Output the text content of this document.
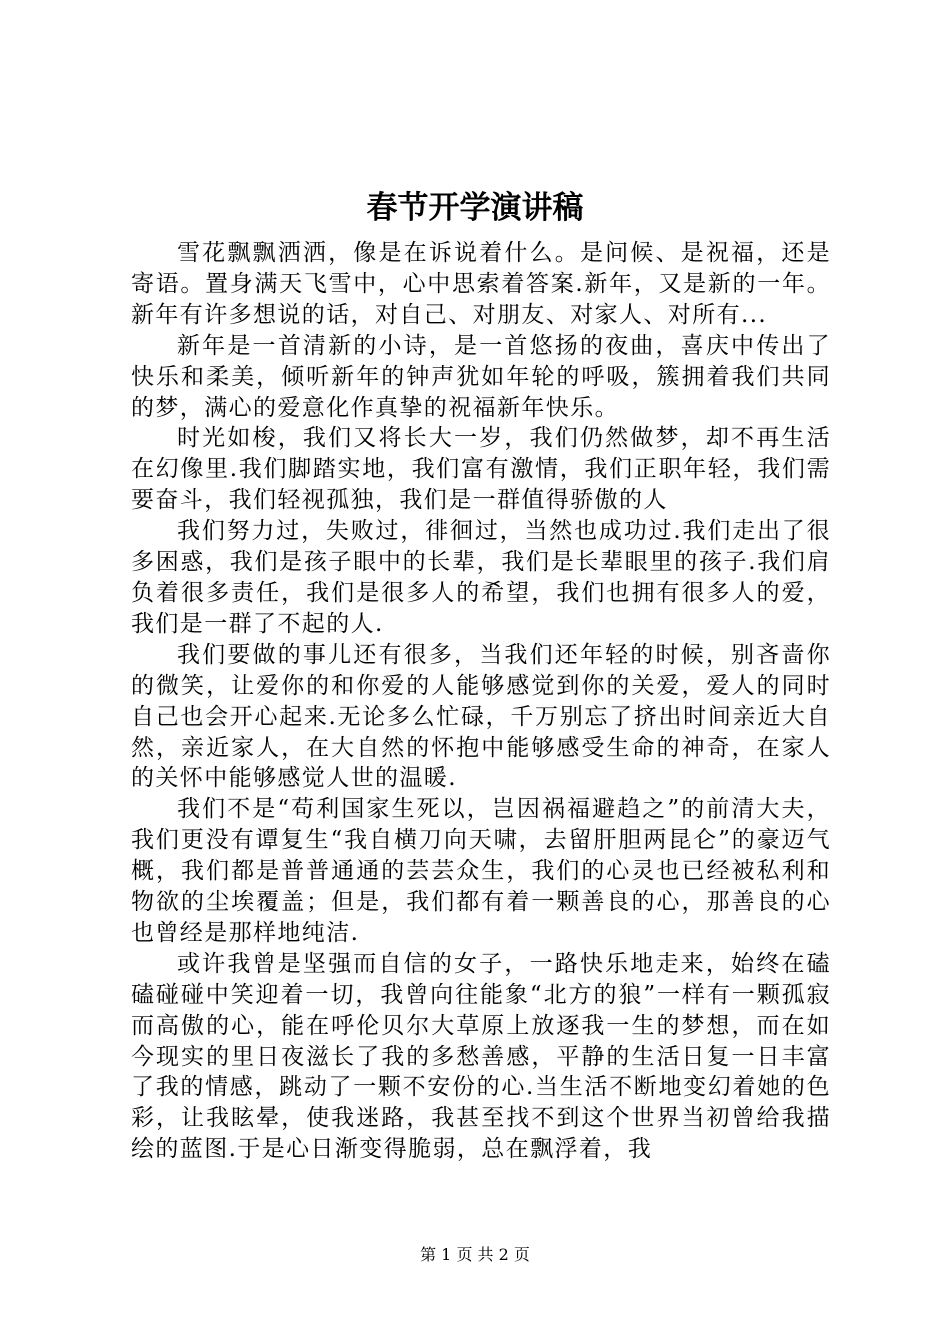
春节开学演讲稿

雪花飘飘洒洒，像是在诉说着什么。是问候、是祝福，还是寄语。置身满天飞雪中，心中思索着答案.新年，又是新的一年。新年有许多想说的话，对自己、对朋友、对家人、对所有...

新年是一首清新的小诗，是一首悠扬的夜曲，喜庆中传出了快乐和柔美，倾听新年的钟声犹如年轮的呼吸，簇拥着我们共同的梦，满心的爱意化作真挚的祝福新年快乐。

时光如梭，我们又将长大一岁，我们仍然做梦，却不再生活在幻像里.我们脚踏实地，我们富有激情，我们正职年轻，我们需要奋斗，我们轻视孤独，我们是一群值得骄傲的人

我们努力过，失败过，徘徊过，当然也成功过.我们走出了很多困惑，我们是孩子眼中的长辈，我们是长辈眼里的孩子.我们肩负着很多责任，我们是很多人的希望，我们也拥有很多人的爱，我们是一群了不起的人.

我们要做的事儿还有很多，当我们还年轻的时候，别吝啬你的微笑，让爱你的和你爱的人能够感觉到你的关爱，爱人的同时自己也会开心起来.无论多么忙碌，千万别忘了挤出时间亲近大自然，亲近家人，在大自然的怀抱中能够感受生命的神奇，在家人的关怀中能够感觉人世的温暖.

我们不是“苟利国家生死以，岂因祸福避趋之”的前清大夫，我们更没有谭复生“我自横刀向天啸，去留肝胆两昆仑”的豪迈气概，我们都是普普通通的芸芸众生，我们的心灵也已经被私利和物欲的尘埃覆盖；但是，我们都有着一颗善良的心，那善良的心也曾经是那样地纯洁.

或许我曾是坚强而自信的女子，一路快乐地走来，始终在磕磕碰碰中笑迎着一切，我曾向往能象“北方的狼”一样有一颗孤寂而高傲的心，能在呼伦贝尔大草原上放逐我一生的梦想，而在如今现实的里日夜滋长了我的多愁善感，平静的生活日复一日丰富了我的情感，跳动了一颗不安份的心.当生活不断地变幻着她的色彩，让我眩晕，使我迷路，我甚至找不到这个世界当初曾给我描绘的蓝图.于是心日渐变得脆弱，总在飘浮着，我

第 1 页 共 2 页
